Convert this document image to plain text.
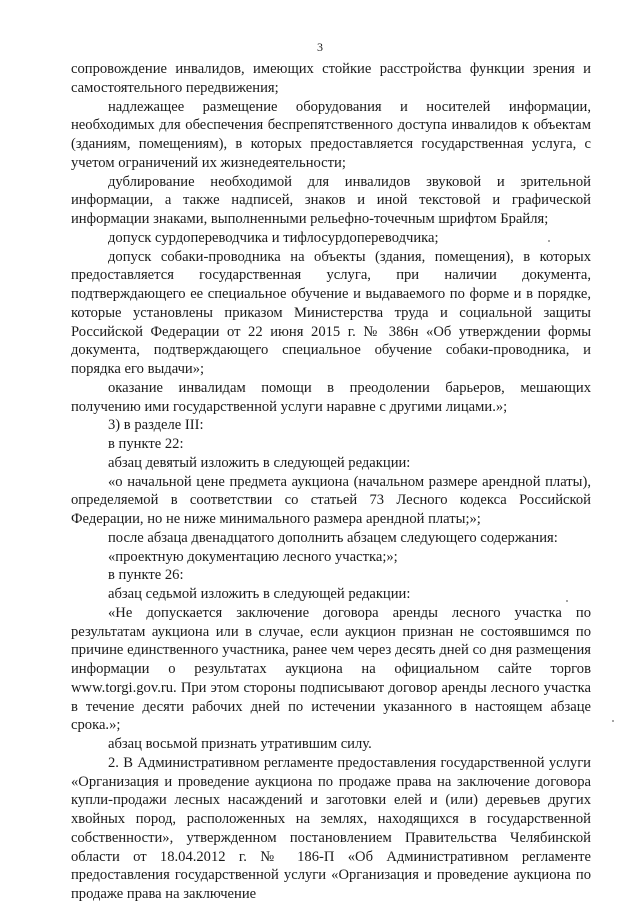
3

сопровождение инвалидов, имеющих стойкие расстройства функции зрения и самостоятельного передвижения;

надлежащее размещение оборудования и носителей информации, необходимых для обеспечения беспрепятственного доступа инвалидов к объектам (зданиям, помещениям), в которых предоставляется государственная услуга, с учетом ограничений их жизнедеятельности;

дублирование необходимой для инвалидов звуковой и зрительной информации, а также надписей, знаков и иной текстовой и графической информации знаками, выполненными рельефно-точечным шрифтом Брайля;

допуск сурдопереводчика и тифлосурдопереводчика;

допуск собаки-проводника на объекты (здания, помещения), в которых предоставляется государственная услуга, при наличии документа, подтверждающего ее специальное обучение и выдаваемого по форме и в порядке, которые установлены приказом Министерства труда и социальной защиты Российской Федерации от 22 июня 2015 г. № 386н «Об утверждении формы документа, подтверждающего специальное обучение собаки-проводника, и порядка его выдачи»;

оказание инвалидам помощи в преодолении барьеров, мешающих получению ими государственной услуги наравне с другими лицами.»;

3) в разделе III:

в пункте 22:

абзац девятый изложить в следующей редакции:

«о начальной цене предмета аукциона (начальном размере арендной платы), определяемой в соответствии со статьей 73 Лесного кодекса Российской Федерации, но не ниже минимального размера арендной платы;»;

после абзаца двенадцатого дополнить абзацем следующего содержания:

«проектную документацию лесного участка;»;

в пункте 26:

абзац седьмой изложить в следующей редакции:

«Не допускается заключение договора аренды лесного участка по результатам аукциона или в случае, если аукцион признан не состоявшимся по причине единственного участника, ранее чем через десять дней со дня размещения информации о результатах аукциона на официальном сайте торгов www.torgi.gov.ru. При этом стороны подписывают договор аренды лесного участка в течение десяти рабочих дней по истечении указанного в настоящем абзаце срока.»;

абзац восьмой признать утратившим силу.

2. В Административном регламенте предоставления государственной услуги «Организация и проведение аукциона по продаже права на заключение договора купли-продажи лесных насаждений и заготовки елей и (или) деревьев других хвойных пород, расположенных на землях, находящихся в государственной собственности», утвержденном постановлением Правительства Челябинской области от 18.04.2012 г. № 186-П «Об Административном регламенте предоставления государственной услуги «Организация и проведение аукциона по продаже права на заключение
